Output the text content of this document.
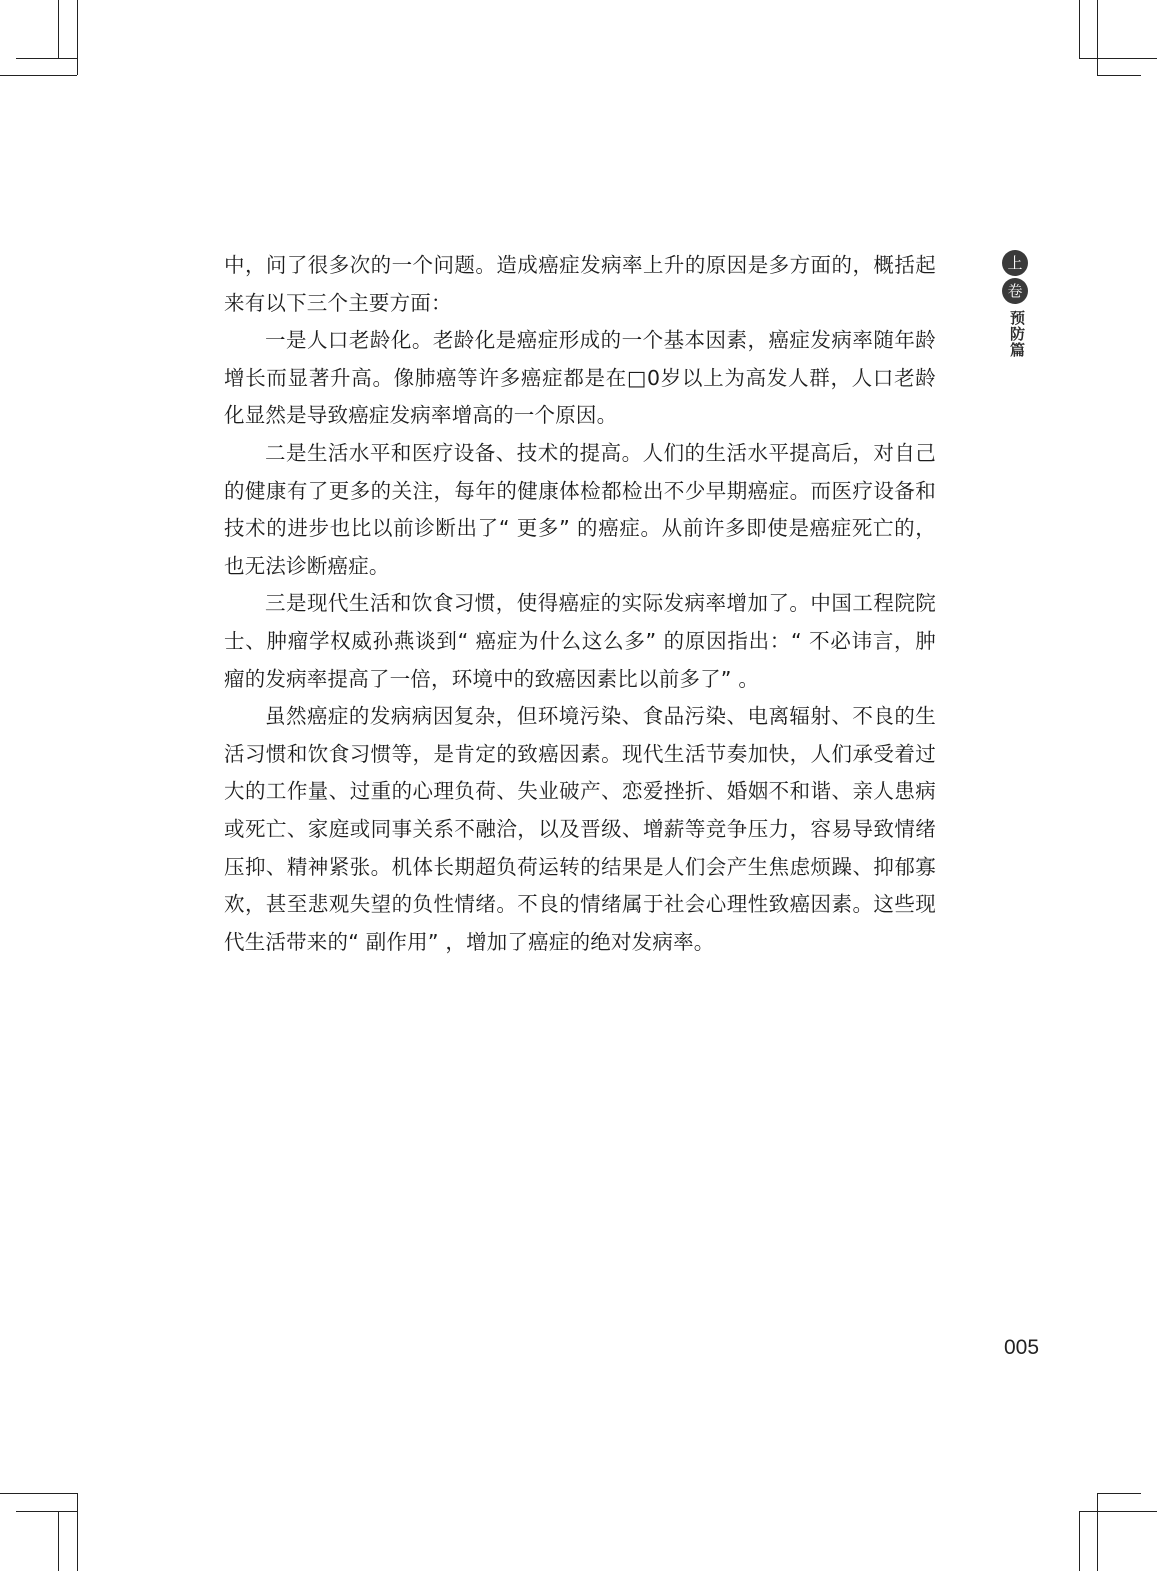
上
卷
预防篇

中，问了很多次的一个问题。造成癌症发病率上升的原因是多方面的，概括起来有以下三个主要方面：

一是人口老龄化。老龄化是癌症形成的一个基本因素，癌症发病率随年龄增长而显著升高。像肺癌等许多癌症都是在□0岁以上为高发人群，人口老龄化显然是导致癌症发病率增高的一个原因。

二是生活水平和医疗设备、技术的提高。人们的生活水平提高后，对自己的健康有了更多的关注，每年的健康体检都检出不少早期癌症。而医疗设备和技术的进步也比以前诊断出了“ 更多” 的癌症。从前许多即使是癌症死亡的，也无法诊断癌症。

三是现代生活和饮食习惯，使得癌症的实际发病率增加了。中国工程院院士、肿瘤学权威孙燕谈到“ 癌症为什么这么多” 的原因指出：“ 不必讳言，肿瘤的发病率提高了一倍，环境中的致癌因素比以前多了” 。

虽然癌症的发病病因复杂，但环境污染、食品污染、电离辐射、不良的生活习惯和饮食习惯等，是肯定的致癌因素。现代生活节奏加快，人们承受着过大的工作量、过重的心理负荷、失业破产、恋爱挫折、婚姻不和谐、亲人患病或死亡、家庭或同事关系不融洽，以及晋级、增薪等竞争压力，容易导致情绪压抑、精神紧张。机体长期超负荷运转的结果是人们会产生焦虑烦躁、抑郁寡欢，甚至悲观失望的负性情绪。不良的情绪属于社会心理性致癌因素。这些现代生活带来的“ 副作用” ，增加了癌症的绝对发病率。

005
